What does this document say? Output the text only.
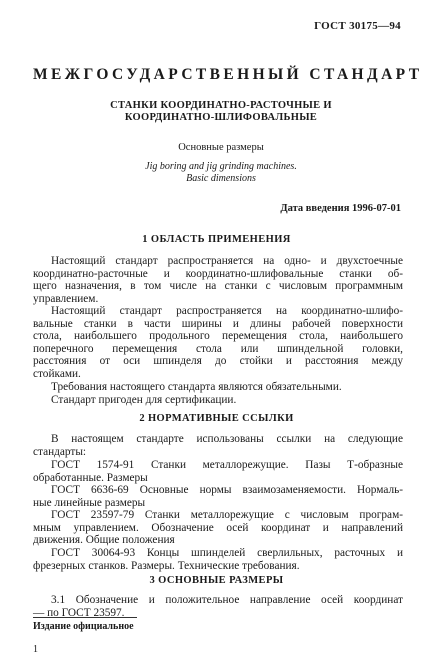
ГОСТ 30175—94
МЕЖГОСУДАРСТВЕННЫЙ СТАНДАРТ
СТАНКИ КООРДИНАТНО-РАСТОЧНЫЕ И
КООРДИНАТНО-ШЛИФОВАЛЬНЫЕ
Основные размеры
Jig boring and jig grinding machines.
Basic dimensions
Дата введения 1996-07-01
1 ОБЛАСТЬ ПРИМЕНЕНИЯ
Настоящий стандарт распространяется на одно- и двухстоечные
координатно-расточные и координатно-шлифовальные станки об-
щего назначения, в том числе на станки с числовым программным
управлением.
Настоящий стандарт распространяется на координатно-шлифо-
вальные станки в части ширины и длины рабочей поверхности
стола, наибольшего продольного перемещения стола, наибольшего
поперечного перемещения стола или шпиндельной головки,
расстояния от оси шпинделя до стойки и расстояния между
стойками.
Требования настоящего стандарта являются обязательными.
Стандарт пригоден для сертификации.
2 НОРМАТИВНЫЕ ССЫЛКИ
В настоящем стандарте использованы ссылки на следующие
стандарты:
ГОСТ 1574-91 Станки металлорежущие. Пазы Т-образные
обработанные. Размеры
ГОСТ 6636-69 Основные нормы взаимозаменяемости. Нормаль-
ные линейные размеры
ГОСТ 23597-79 Станки металлорежущие с числовым програм-
мным управлением. Обозначение осей координат и направлений
движения. Общие положения
ГОСТ 30064-93 Концы шпинделей сверлильных, расточных и
фрезерных станков. Размеры. Технические требования.
3 ОСНОВНЫЕ РАЗМЕРЫ
3.1 Обозначение и положительное направление осей координат
— по ГОСТ 23597.
Издание официальное
1
